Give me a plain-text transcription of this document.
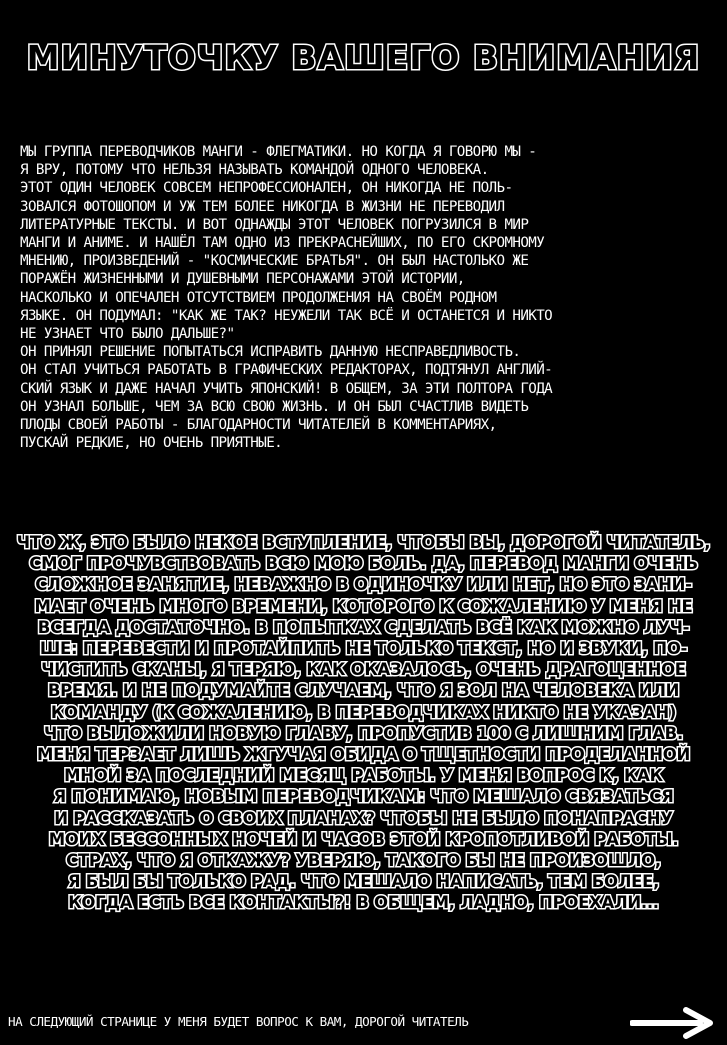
МИНУТОЧКУ ВАШЕГО ВНИМАНИЯ
МЫ ГРУППА ПЕРЕВОДЧИКОВ МАНГИ - ФЛЕГМАТИКИ. НО КОГДА Я ГОВОРЮ МЫ -
Я ВРУ, ПОТОМУ ЧТО НЕЛЬЗЯ НАЗЫВАТЬ КОМАНДОЙ ОДНОГО ЧЕЛОВЕКА.
ЭТОТ ОДИН ЧЕЛОВЕК СОВСЕМ НЕПРОФЕССИОНАЛЕН, ОН НИКОГДА НЕ ПОЛЬ-
ЗОВАЛСЯ ФОТОШОПОМ И УЖ ТЕМ БОЛЕЕ НИКОГДА В ЖИЗНИ НЕ ПЕРЕВОДИЛ
ЛИТЕРАТУРНЫЕ ТЕКСТЫ. И ВОТ ОДНАЖДЫ ЭТОТ ЧЕЛОВЕК ПОГРУЗИЛСЯ В МИР
МАНГИ И АНИМЕ. И НАШЁЛ ТАМ ОДНО ИЗ ПРЕКРАСНЕЙШИХ, ПО ЕГО СКРОМНОМУ
МНЕНИЮ, ПРОИЗВЕДЕНИЙ - "КОСМИЧЕСКИЕ БРАТЬЯ". ОН БЫЛ НАСТОЛЬКО ЖЕ
ПОРАЖЁН ЖИЗНЕННЫМИ И ДУШЕВНЫМИ ПЕРСОНАЖАМИ ЭТОЙ ИСТОРИИ,
НАСКОЛЬКО И ОПЕЧАЛЕН ОТСУТСТВИЕМ ПРОДОЛЖЕНИЯ НА СВОЁМ РОДНОМ
ЯЗЫКЕ. ОН ПОДУМАЛ: "КАК ЖЕ ТАК? НЕУЖЕЛИ ТАК ВСЁ И ОСТАНЕТСЯ И НИКТО
НЕ УЗНАЕТ ЧТО БЫЛО ДАЛЬШЕ?"
ОН ПРИНЯЛ РЕШЕНИЕ ПОПЫТАТЬСЯ ИСПРАВИТЬ ДАННУЮ НЕСПРАВЕДЛИВОСТЬ.
ОН СТАЛ УЧИТЬСЯ РАБОТАТЬ В ГРАФИЧЕСКИХ РЕДАКТОРАХ, ПОДТЯНУЛ АНГЛИЙ-
СКИЙ ЯЗЫК И ДАЖЕ НАЧАЛ УЧИТЬ ЯПОНСКИЙ! В ОБЩЕМ, ЗА ЭТИ ПОЛТОРА ГОДА
ОН УЗНАЛ БОЛЬШЕ, ЧЕМ ЗА ВСЮ СВОЮ ЖИЗНЬ. И ОН БЫЛ СЧАСТЛИВ ВИДЕТЬ
ПЛОДЫ СВОЕЙ РАБОТЫ - БЛАГОДАРНОСТИ ЧИТАТЕЛЕЙ В КОММЕНТАРИЯХ,
ПУСКАЙ РЕДКИЕ, НО ОЧЕНЬ ПРИЯТНЫЕ.
ЧТО Ж, ЭТО БЫЛО НЕКОЕ ВСТУПЛЕНИЕ, ЧТОБЫ ВЫ, ДОРОГОЙ ЧИТАТЕЛЬ,
СМОГ ПРОЧУВСТВОВАТЬ ВСЮ МОЮ БОЛЬ. ДА, ПЕРЕВОД МАНГИ ОЧЕНЬ
СЛОЖНОЕ ЗАНЯТИЕ, НЕВАЖНО В ОДИНОЧКУ ИЛИ НЕТ, НО ЭТО ЗАНИ-
МАЕТ ОЧЕНЬ МНОГО ВРЕМЕНИ, КОТОРОГО К СОЖАЛЕНИЮ У МЕНЯ НЕ
ВСЕГДА ДОСТАТОЧНО. В ПОПЫТКАХ СДЕЛАТЬ ВСЁ КАК МОЖНО ЛУЧ-
ШЕ: ПЕРЕВЕСТИ И ПРОТАЙПИТЬ НЕ ТОЛЬКО ТЕКСТ, НО И ЗВУКИ, ПО-
ЧИСТИТЬ СКАНЫ, Я ТЕРЯЮ, КАК ОКАЗАЛОСЬ, ОЧЕНЬ ДРАГОЦЕННОЕ
ВРЕМЯ. И НЕ ПОДУМАЙТЕ СЛУЧАЕМ, ЧТО Я ЗОЛ НА ЧЕЛОВЕКА ИЛИ
КОМАНДУ (К СОЖАЛЕНИЮ, В ПЕРЕВОДЧИКАХ НИКТО НЕ УКАЗАН)
ЧТО ВЫЛОЖИЛИ НОВУЮ ГЛАВУ, ПРОПУСТИВ 100 С ЛИШНИМ ГЛАВ.
МЕНЯ ТЕРЗАЕТ ЛИШЬ ЖГУЧАЯ ОБИДА О ТЩЕТНОСТИ ПРОДЕЛАННОЙ
МНОЙ ЗА ПОСЛЕДНИЙ МЕСЯЦ РАБОТЫ. У МЕНЯ ВОПРОС К, КАК
Я ПОНИМАЮ, НОВЫМ ПЕРЕВОДЧИКАМ: ЧТО МЕШАЛО СВЯЗАТЬСЯ
И РАССКАЗАТЬ О СВОИХ ПЛАНАХ? ЧТОБЫ НЕ БЫЛО ПОНАПРАСНУ
МОИХ БЕССОННЫХ НОЧЕЙ И ЧАСОВ ЭТОЙ КРОПОТЛИВОЙ РАБОТЫ.
СТРАХ, ЧТО Я ОТКАЖУ? УВЕРЯЮ, ТАКОГО БЫ НЕ ПРОИЗОШЛО,
Я БЫЛ БЫ ТОЛЬКО РАД. ЧТО МЕШАЛО НАПИСАТЬ, ТЕМ БОЛЕЕ,
КОГДА ЕСТЬ ВСЕ КОНТАКТЫ?! В ОБЩЕМ, ЛАДНО, ПРОЕХАЛИ...
НА СЛЕДУЮЩИЙ СТРАНИЦЕ У МЕНЯ БУДЕТ ВОПРОС К ВАМ, ДОРОГОЙ ЧИТАТЕЛЬ
